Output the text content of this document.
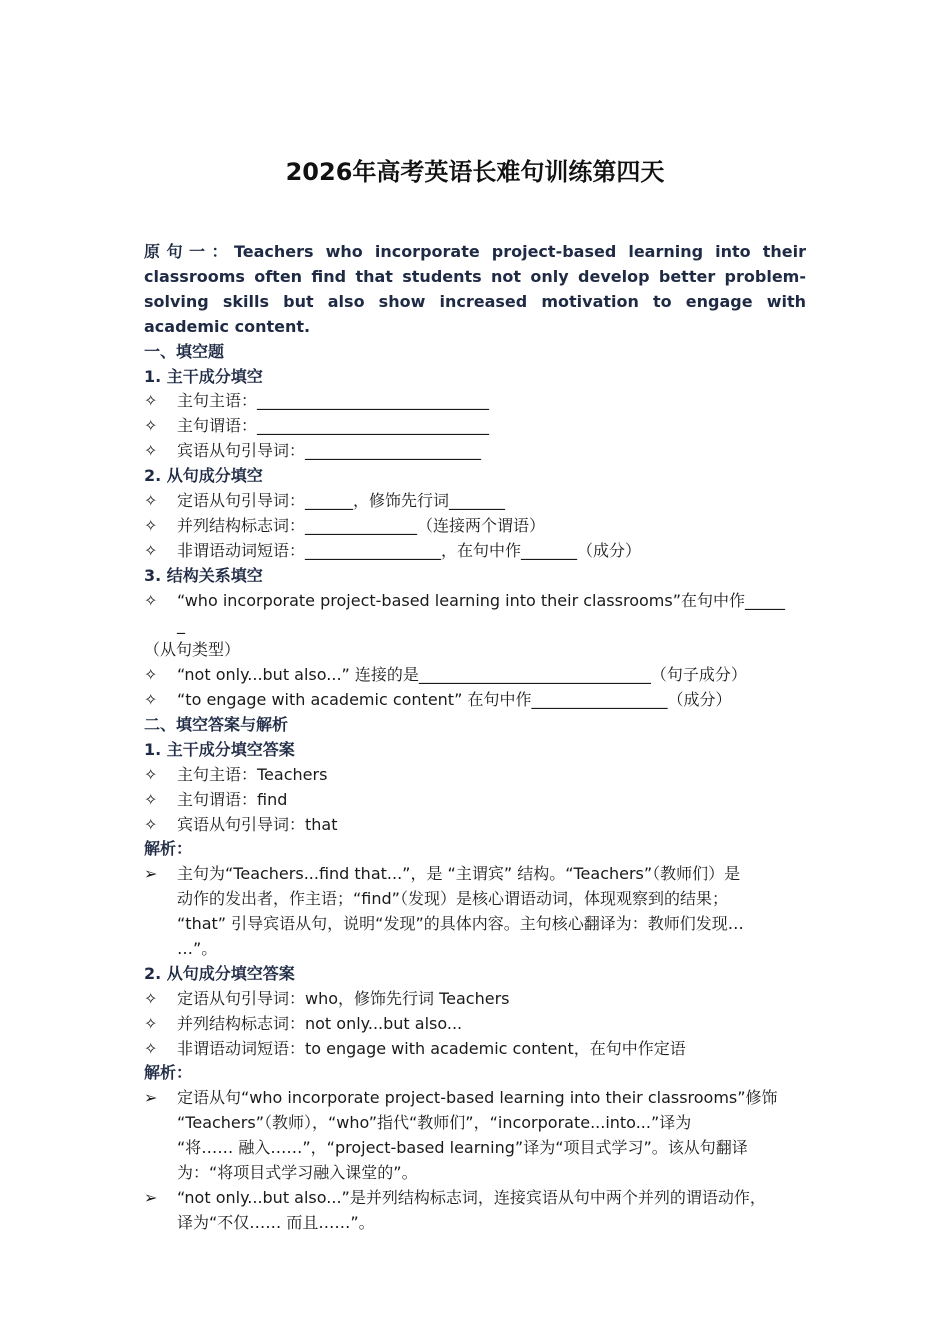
2026年高考英语长难句训练第四天
原句一：Teachers who incorporate project-based learning into their classrooms often find that students not only develop better problem-solving skills but also show increased motivation to engage with academic content.
一、填空题
1. 主干成分填空
✧	主句主语：_____________________________
✧	主句谓语：_____________________________
✧	宾语从句引导词：______________________
2. 从句成分填空
✧	定语从句引导词：______，修饰先行词_______
✧	并列结构标志词：______________（连接两个谓语）
✧	非谓语动词短语：_________________，在句中作_______（成分）
3. 结构关系填空
✧	“who incorporate project-based learning into their classrooms”在句中作_____
_
（从句类型）
✧	“not only...but also...” 连接的是_____________________________（句子成分）
✧	“to engage with academic content” 在句中作_________________（成分）
二、填空答案与解析
1. 主干成分填空答案
✧	主句主语：Teachers
✧	主句谓语：find
✧	宾语从句引导词：that
解析：
➢	主句为“Teachers...find that...”，是 “主谓宾” 结构。“Teachers”（教师们）是
动作的发出者，作主语；“find”（发现）是核心谓语动词，体现观察到的结果；
“that” 引导宾语从句，说明“发现”的具体内容。主句核心翻译为：教师们发现…
…”。
2. 从句成分填空答案
✧	定语从句引导词：who，修饰先行词 Teachers
✧	并列结构标志词：not only...but also...
✧	非谓语动词短语：to engage with academic content，在句中作定语
解析：
➢	定语从句“who incorporate project-based learning into their classrooms”修饰
“Teachers”（教师），“who”指代“教师们”，“incorporate...into...”译为
“将…… 融入……”，“project-based learning”译为“项目式学习”。该从句翻译
为：“将项目式学习融入课堂的”。
➢	“not only...but also...”是并列结构标志词，连接宾语从句中两个并列的谓语动作，
译为“不仅…… 而且……”。
